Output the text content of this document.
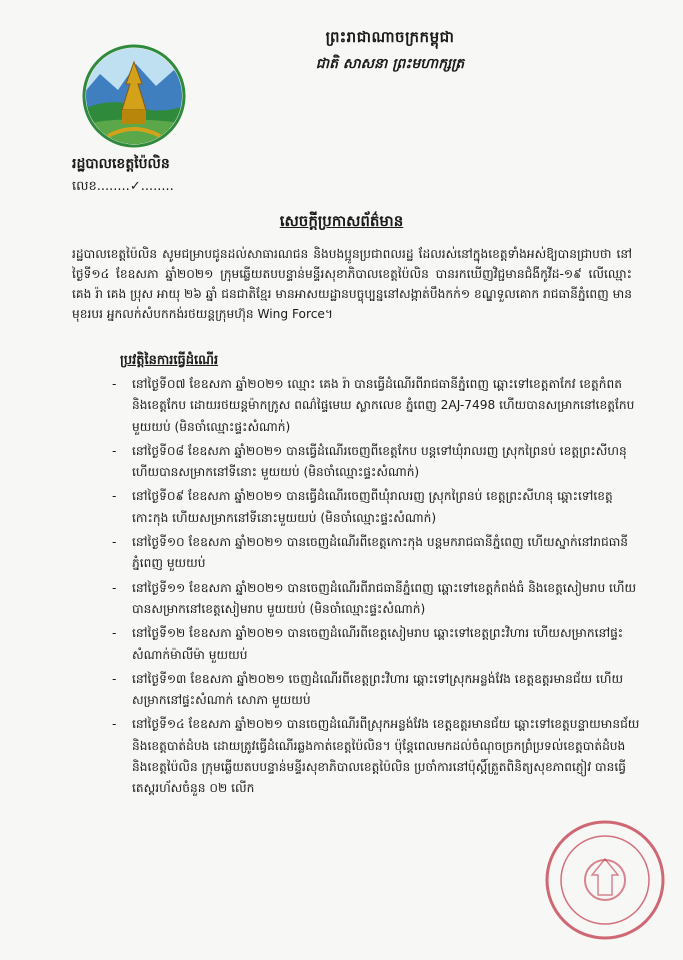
ព្រះរាជាណាចក្រកម្ពុជា
ជាតិ សាសនា ព្រះមហាក្សត្រ
រដ្ឋបាលខេត្តប៉ៃលិន
លេខ........✓........
សេចក្តីប្រកាសព័ត៌មាន
រដ្ឋបាលខេត្តប៉ៃលិន សូមជម្រាបជូនដល់សាធារណជន និងបងប្អូនប្រជាពលរដ្ឋ ដែលរស់នៅក្នុងខេត្តទាំងអស់ឱ្យបានជ្រាបថា នៅថ្ងៃទី១៤ ខែឧសភា ឆ្នាំ២០២១ ក្រុមឆ្លើយតបបន្ទាន់មន្ទីរសុខាភិបាលខេត្តប៉ៃលិន បានរកឃើញវិជ្ជមានជំងឺកូវីដ-១៩ លើឈ្មោះ គេង រ៉ា គេង ប្រុស អាយុ ២៦ ឆ្នាំ ជនជាតិខ្មែរ មានអាសយដ្ឋានបច្ចុប្បន្ននៅសង្កាត់បឹងកក់១ ខណ្ឌទួលគោក រាជធានីភ្នំពេញ មានមុខរបរ អ្នកលក់សំបកកង់រថយន្តក្រុមហ៊ុន Wing Force។
ប្រវត្តិនៃការធ្វើដំណើរ
- នៅថ្ងៃទី០៧ ខែឧសភា ឆ្នាំ២០២១ ឈ្មោះ គេង រ៉ា បានធ្វើដំណើរពីរាជធានីភ្នំពេញ ឆ្ពោះទៅខេត្តតាកែវ ខេត្តកំពត និងខេត្តកែប ដោយរថយន្តម៉ាកក្រូស ពណ៌ផ្ទៃមេឃ ស្លាកលេខ ភ្នំពេញ 2AJ-7498 ហើយបានសម្រាកនៅខេត្តកែប មួយយប់ (មិនចាំឈ្មោះផ្ទះសំណាក់)
- នៅថ្ងៃទី០៨ ខែឧសភា ឆ្នាំ២០២១ បានធ្វើដំណើរចេញពីខេត្តកែប បន្តទៅឃុំរាលរញ ស្រុកព្រៃនប់ ខេត្តព្រះសីហនុ ហើយបានសម្រាកនៅទីនោះ មួយយប់ (មិនចាំឈ្មោះផ្ទះសំណាក់)
- នៅថ្ងៃទី០៩ ខែឧសភា ឆ្នាំ២០២១ បានធ្វើដំណើរចេញពីឃុំរាលរញ ស្រុកព្រៃនប់ ខេត្តព្រះសីហនុ ឆ្ពោះទៅខេត្តកោះកុង ហើយសម្រាកនៅទីនោះមួយយប់ (មិនចាំឈ្មោះផ្ទះសំណាក់)
- នៅថ្ងៃទី១០ ខែឧសភា ឆ្នាំ២០២១ បានចេញដំណើរពីខេត្តកោះកុង បន្តមករាជធានីភ្នំពេញ ហើយស្នាក់នៅរាជធានីភ្នំពេញ មួយយប់
- នៅថ្ងៃទី១១ ខែឧសភា ឆ្នាំ២០២១ បានចេញដំណើរពីរាជធានីភ្នំពេញ ឆ្ពោះទៅខេត្តកំពង់ធំ និងខេត្តសៀមរាប ហើយបានសម្រាកនៅខេត្តសៀមរាប មួយយប់ (មិនចាំឈ្មោះផ្ទះសំណាក់)
- នៅថ្ងៃទី១២ ខែឧសភា ឆ្នាំ២០២១ បានចេញដំណើរពីខេត្តសៀមរាប ឆ្ពោះទៅខេត្តព្រះវិហារ ហើយសម្រាកនៅផ្ទះសំណាក់ម៉ាលីម៉ា មួយយប់
- នៅថ្ងៃទី១៣ ខែឧសភា ឆ្នាំ២០២១ ចេញដំណើរពីខេត្តព្រះវិហារ ឆ្ពោះទៅស្រុកអន្លង់វែង ខេត្តឧត្តរមានជ័យ ហើយសម្រាកនៅផ្ទះសំណាក់ សោភា មួយយប់
- នៅថ្ងៃទី១៤ ខែឧសភា ឆ្នាំ២០២១ បានចេញដំណើរពីស្រុកអន្លង់វែង ខេត្តឧត្តរមានជ័យ ឆ្ពោះទៅខេត្តបន្ទាយមានជ័យ និងខេត្តបាត់ដំបង ដោយត្រូវធ្វើដំណើរឆ្លងកាត់ខេត្តប៉ៃលិន។ ប៉ុន្តែពេលមកដល់ចំណុចច្រកព្រំប្រទល់ខេត្តបាត់ដំបង និងខេត្តប៉ៃលិន ក្រុមឆ្លើយតបបន្ទាន់មន្ទីរសុខាភិបាលខេត្តប៉ៃលិន ប្រចាំការនៅប៉ុស្តិ៍ត្រួតពិនិត្យសុខភាពភ្ញៀវ បានធ្វើតេស្តរហ័សចំនួន ០២ លើក
